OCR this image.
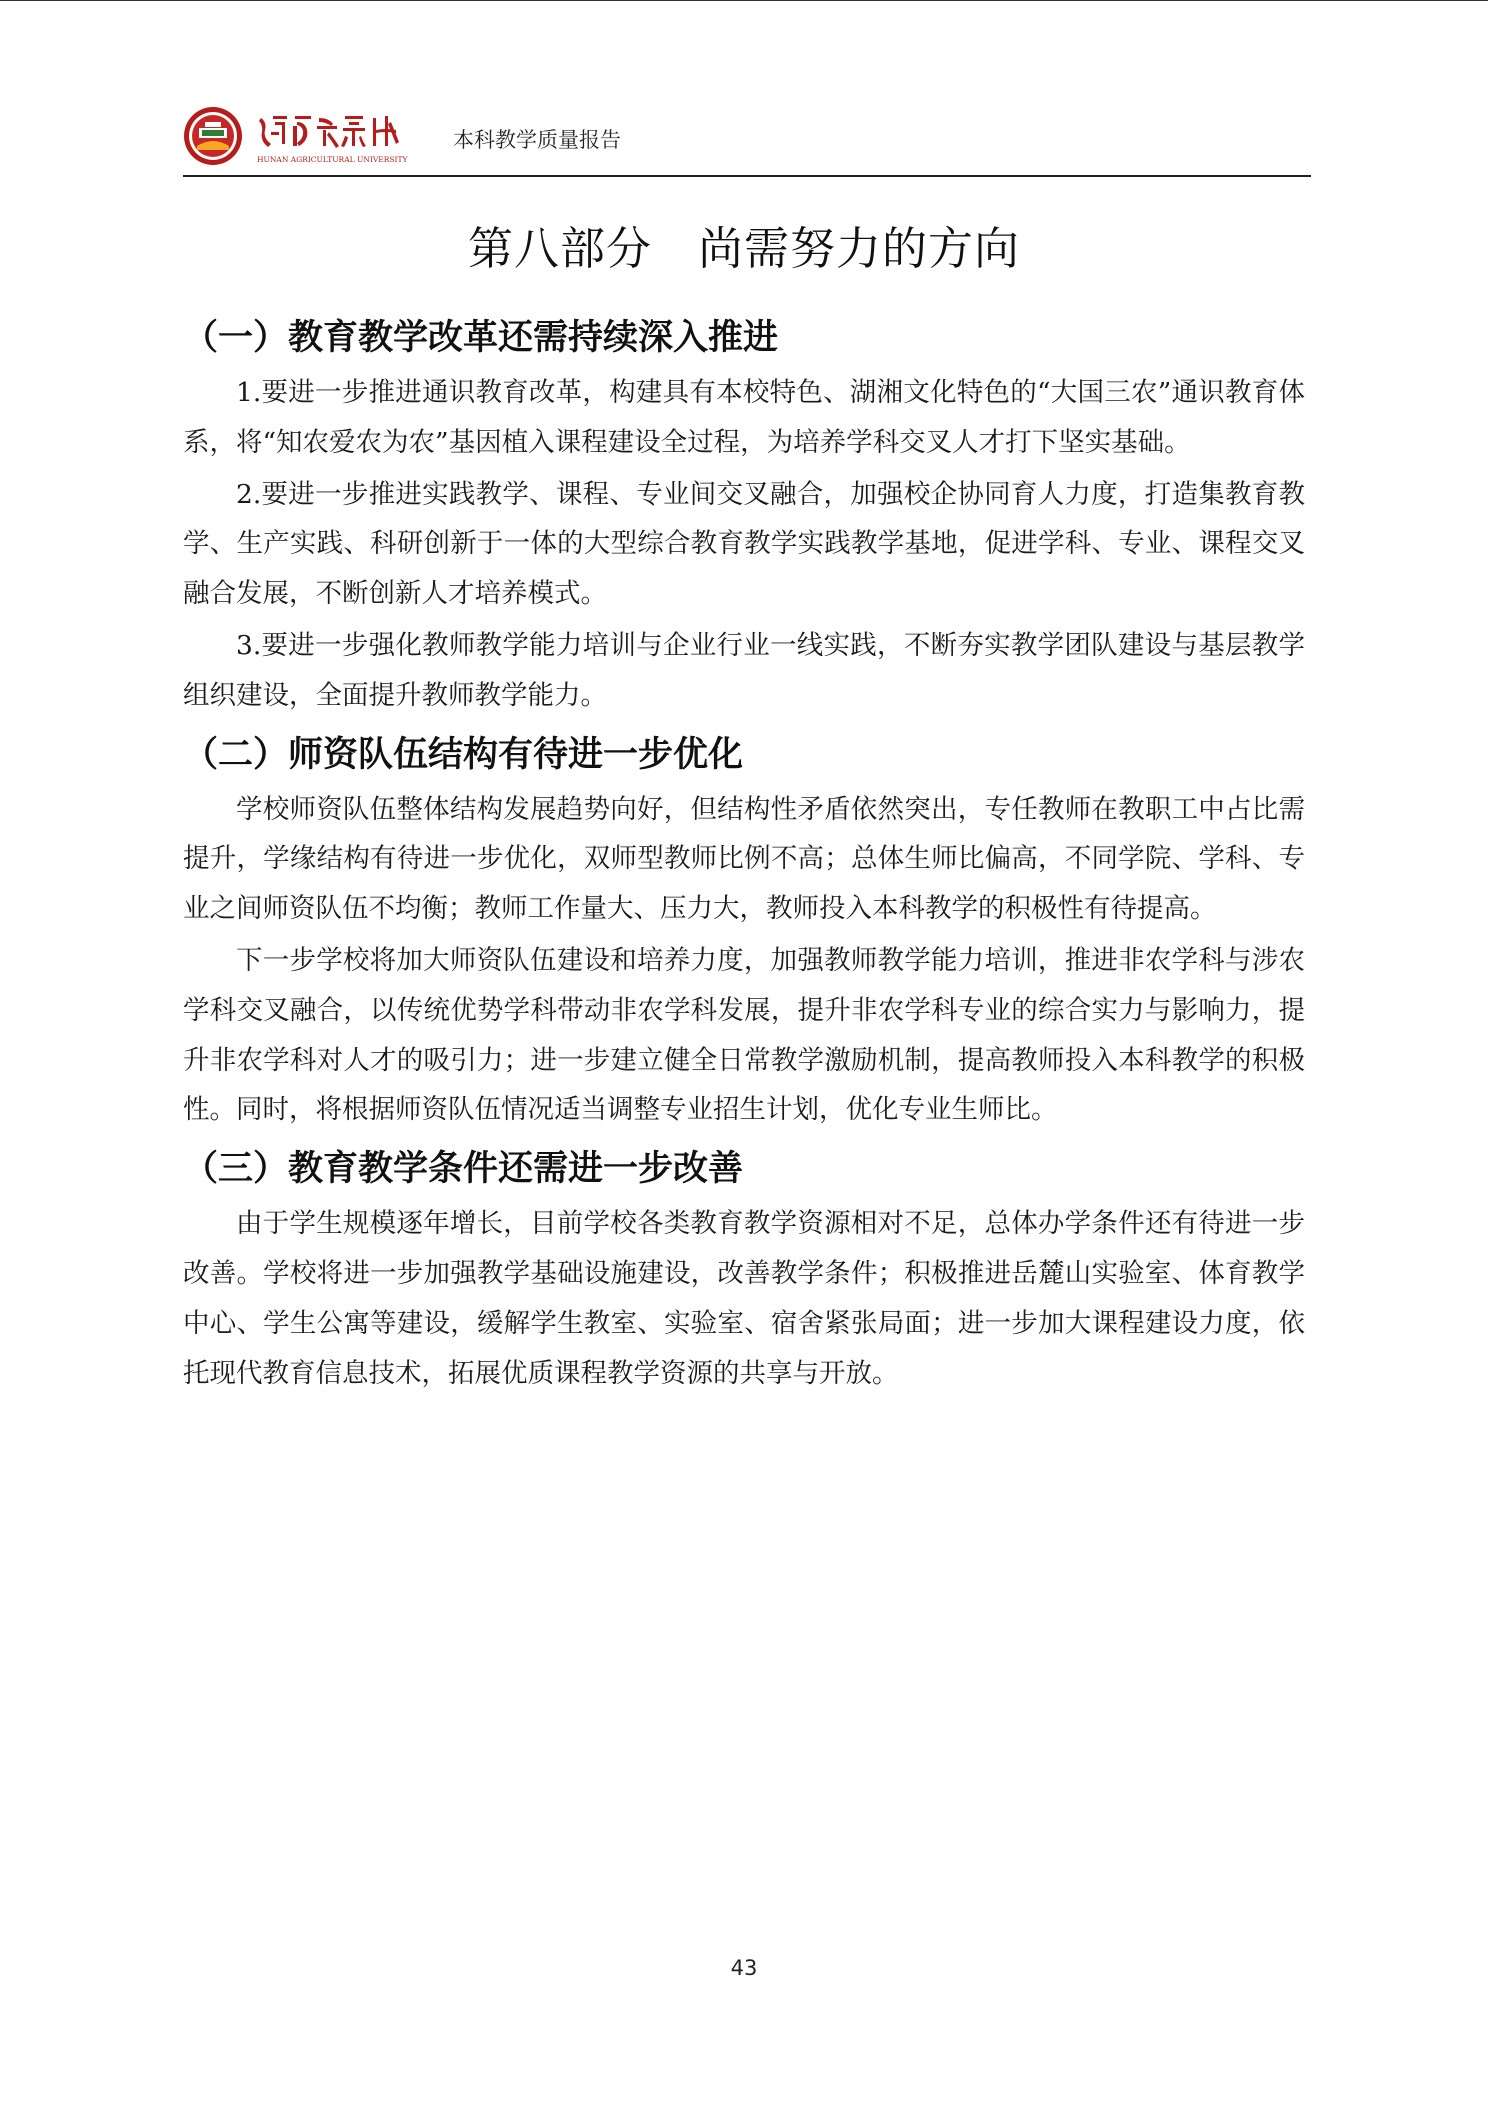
HUNAN AGRICULTURAL UNIVERSITY
本科教学质量报告
第八部分　尚需努力的方向
（一）教育教学改革还需持续深入推进

1.要进一步推进通识教育改革，构建具有本校特色、湖湘文化特色的“大国三农”通识教育体系，将“知农爱农为农”基因植入课程建设全过程，为培养学科交叉人才打下坚实基础。

2.要进一步推进实践教学、课程、专业间交叉融合，加强校企协同育人力度，打造集教育教学、生产实践、科研创新于一体的大型综合教育教学实践教学基地，促进学科、专业、课程交叉融合发展，不断创新人才培养模式。

3.要进一步强化教师教学能力培训与企业行业一线实践，不断夯实教学团队建设与基层教学组织建设，全面提升教师教学能力。

（二）师资队伍结构有待进一步优化

学校师资队伍整体结构发展趋势向好，但结构性矛盾依然突出，专任教师在教职工中占比需提升，学缘结构有待进一步优化，双师型教师比例不高；总体生师比偏高，不同学院、学科、专业之间师资队伍不均衡；教师工作量大、压力大，教师投入本科教学的积极性有待提高。

下一步学校将加大师资队伍建设和培养力度，加强教师教学能力培训，推进非农学科与涉农学科交叉融合，以传统优势学科带动非农学科发展，提升非农学科专业的综合实力与影响力，提升非农学科对人才的吸引力；进一步建立健全日常教学激励机制，提高教师投入本科教学的积极性。同时，将根据师资队伍情况适当调整专业招生计划，优化专业生师比。

（三）教育教学条件还需进一步改善

由于学生规模逐年增长，目前学校各类教育教学资源相对不足，总体办学条件还有待进一步改善。学校将进一步加强教学基础设施建设，改善教学条件；积极推进岳麓山实验室、体育教学中心、学生公寓等建设，缓解学生教室、实验室、宿舍紧张局面；进一步加大课程建设力度，依托现代教育信息技术，拓展优质课程教学资源的共享与开放。

43
